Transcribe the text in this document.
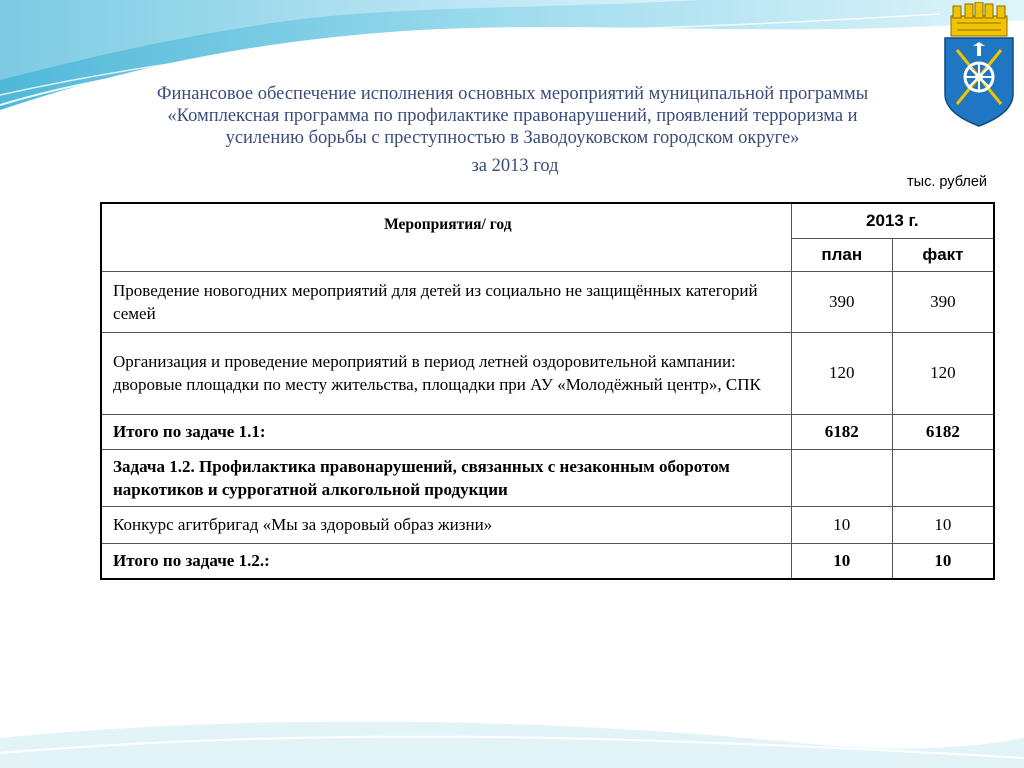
Финансовое обеспечение исполнения основных мероприятий муниципальной программы
«Комплексная программа по профилактике правонарушений, проявлений терроризма и
усилению борьбы с преступностью в Заводоуковском городском округе»
за 2013 год
тыс. рублей
Мероприятия/ год	2013 г.	
	план	факт
Проведение новогодних мероприятий для детей из социально не защищённых категорий семей	390	390
Организация и проведение мероприятий в период летней оздоровительной кампании: дворовые площадки по месту жительства, площадки при АУ «Молодёжный центр», СПК	120	120
Итого по задаче 1.1:	6182	6182
Задача 1.2. Профилактика правонарушений, связанных с незаконным оборотом наркотиков и суррогатной алкогольной продукции		
Конкурс агитбригад «Мы за здоровый образ жизни»	10	10
Итого по задаче 1.2.:	10	10
